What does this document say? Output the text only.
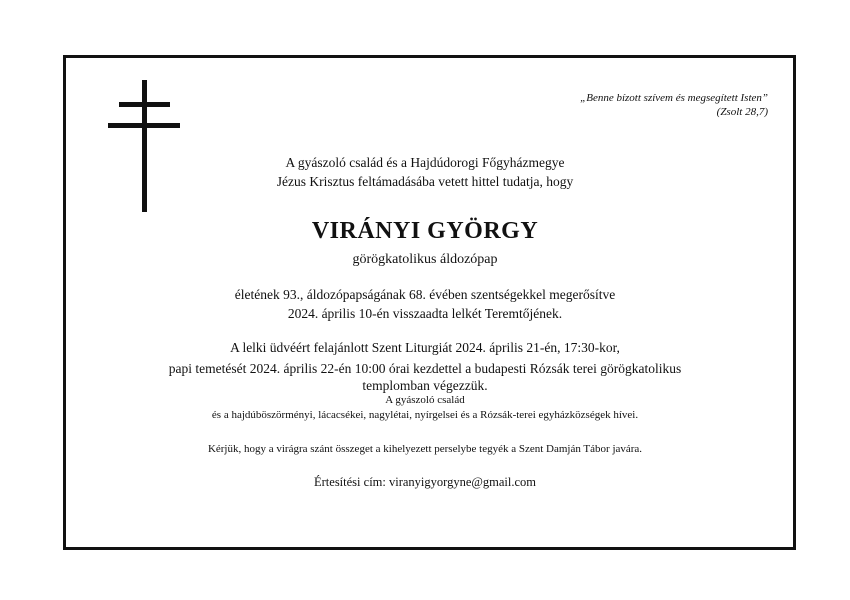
„Benne bízott szívem és megsegített Isten”
(Zsolt 28,7)
A gyászoló család és a Hajdúdorogi Főgyházmegye
Jézus Krisztus feltámadásába vetett hittel tudatja, hogy
VIRÁNYI GYÖRGY
görögkatolikus áldozópap
életének 93., áldozópapságának 68. évében szentségekkel megerősítve
2024. április 10-én visszaadta lelkét Teremtőjének.
A lelki üdvéért felajánlott Szent Liturgiát 2024. április 21-én, 17:30-kor,
papi temetését 2024. április 22-én 10:00 órai kezdettel a budapesti Rózsák terei görögkatolikus
templomban végezzük.
A gyászoló család
és a hajdúböszörményi, lácacsékei, nagylétai, nyírgelsei és a Rózsák-terei egyházközségek hívei.
Kérjük, hogy a virágra szánt összeget a kihelyezett perselybe tegyék a Szent Damján Tábor javára.
Értesítési cím: viranyigyorgyne@gmail.com
